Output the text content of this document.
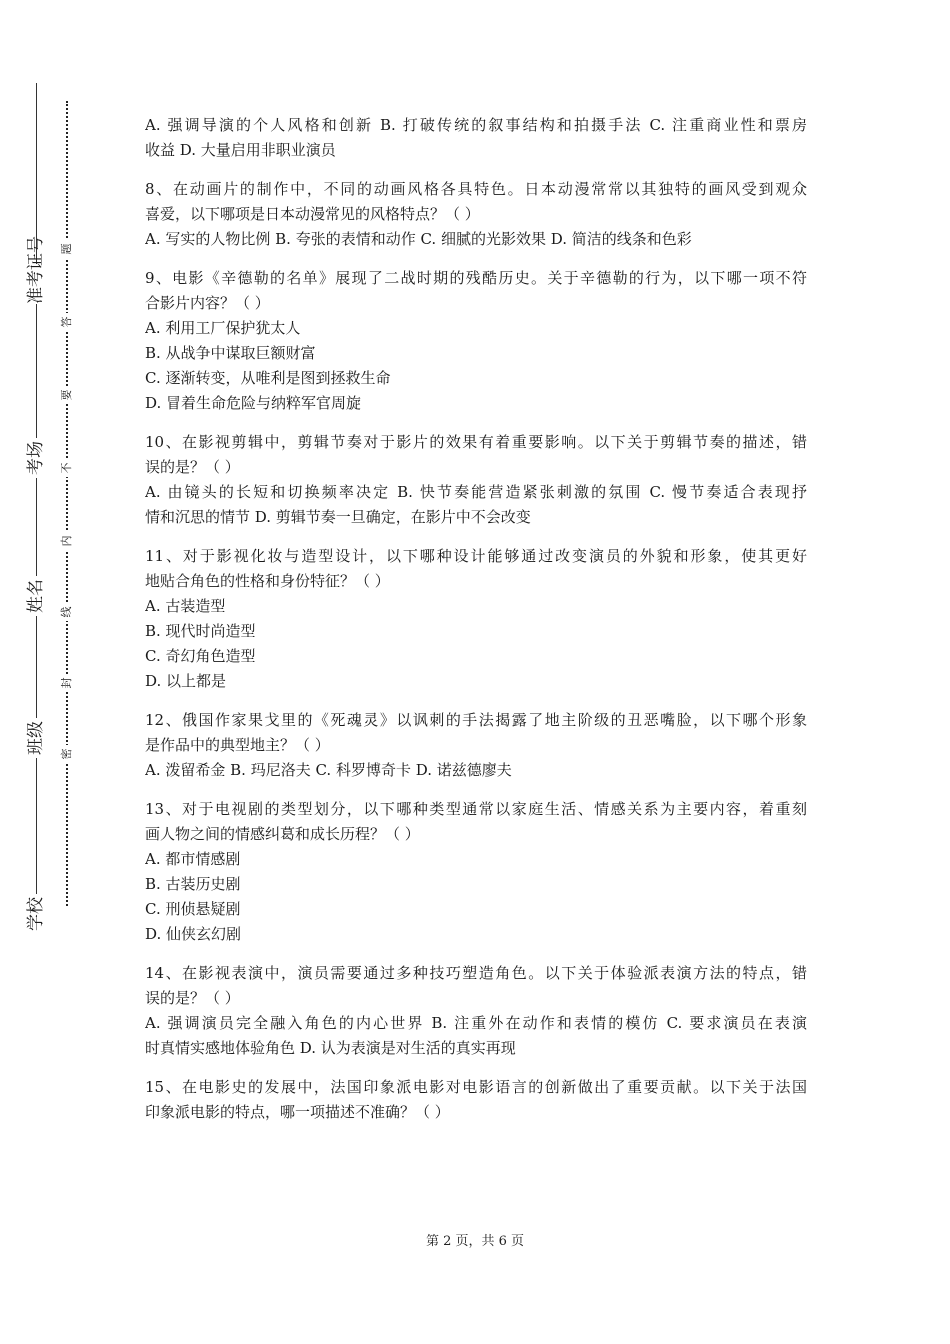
学校
班级
姓名
考场
准考证号
密
封
线
内
不
要
答
题
A. 强调导演的个人风格和创新 B. 打破传统的叙事结构和拍摄手法 C. 注重商业性和票房
收益 D. 大量启用非职业演员
8、在动画片的制作中，不同的动画风格各具特色。日本动漫常常以其独特的画风受到观众
喜爱，以下哪项是日本动漫常见的风格特点？（ ）
A. 写实的人物比例 B. 夸张的表情和动作 C. 细腻的光影效果 D. 简洁的线条和色彩
9、电影《辛德勒的名单》展现了二战时期的残酷历史。关于辛德勒的行为，以下哪一项不符
合影片内容？（ ）
A. 利用工厂保护犹太人
B. 从战争中谋取巨额财富
C. 逐渐转变，从唯利是图到拯救生命
D. 冒着生命危险与纳粹军官周旋
10、在影视剪辑中，剪辑节奏对于影片的效果有着重要影响。以下关于剪辑节奏的描述，错
误的是？（ ）
A. 由镜头的长短和切换频率决定 B. 快节奏能营造紧张刺激的氛围 C. 慢节奏适合表现抒
情和沉思的情节 D. 剪辑节奏一旦确定，在影片中不会改变
11、对于影视化妆与造型设计，以下哪种设计能够通过改变演员的外貌和形象，使其更好
地贴合角色的性格和身份特征？（ ）
A. 古装造型
B. 现代时尚造型
C. 奇幻角色造型
D. 以上都是
12、俄国作家果戈里的《死魂灵》以讽刺的手法揭露了地主阶级的丑恶嘴脸，以下哪个形象
是作品中的典型地主？（ ）
A. 泼留希金 B. 玛尼洛夫 C. 科罗博奇卡 D. 诺兹德廖夫
13、对于电视剧的类型划分，以下哪种类型通常以家庭生活、情感关系为主要内容，着重刻
画人物之间的情感纠葛和成长历程？（ ）
A. 都市情感剧
B. 古装历史剧
C. 刑侦悬疑剧
D. 仙侠玄幻剧
14、在影视表演中，演员需要通过多种技巧塑造角色。以下关于体验派表演方法的特点，错
误的是？（ ）
A. 强调演员完全融入角色的内心世界 B. 注重外在动作和表情的模仿 C. 要求演员在表演
时真情实感地体验角色 D. 认为表演是对生活的真实再现
15、在电影史的发展中，法国印象派电影对电影语言的创新做出了重要贡献。以下关于法国
印象派电影的特点，哪一项描述不准确？（ ）
第 2 页，共 6 页
